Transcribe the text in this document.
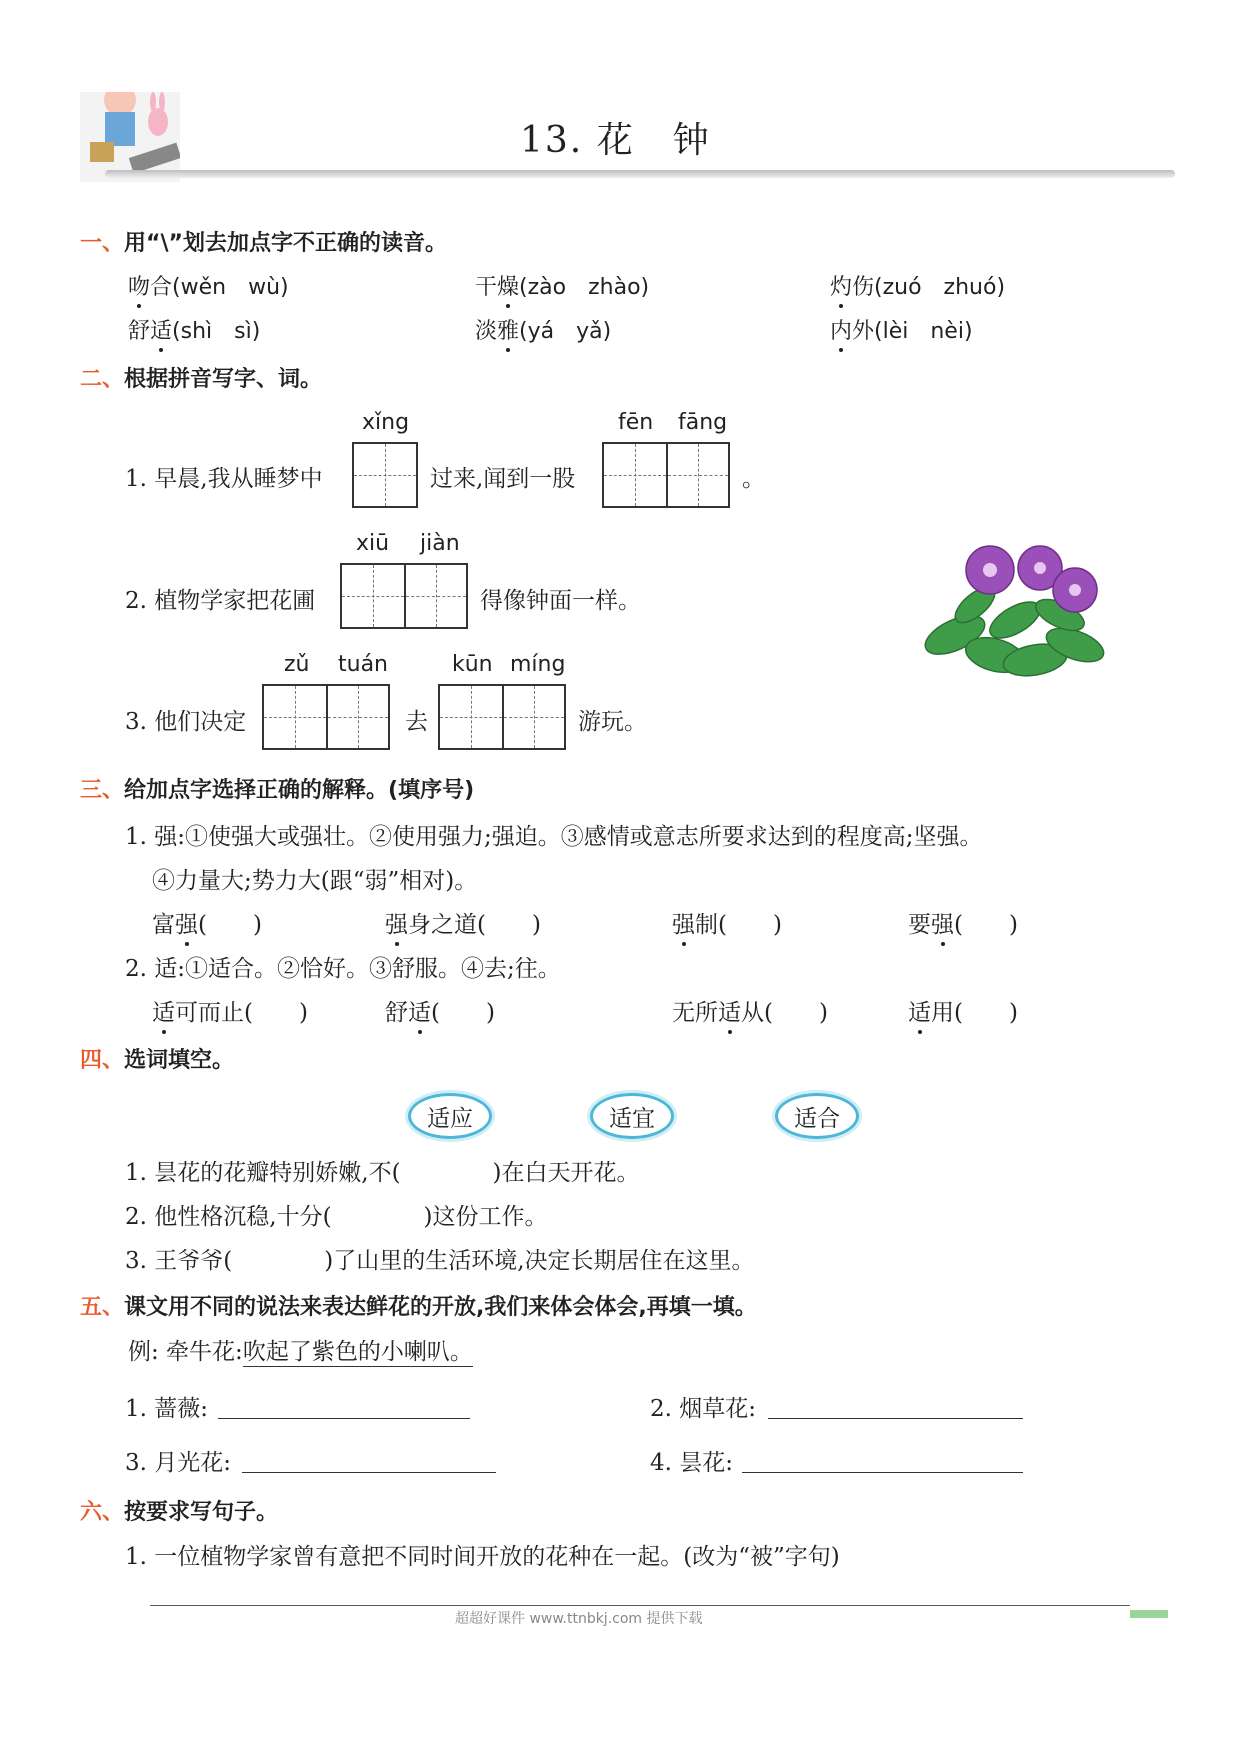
13. 花　钟
一、用“\”划去加点字不正确的读音。
吻合(wěn　wù)	干燥(zào　zhào)	灼伤(zuó　zhuó)
舒适(shì　sì)	淡雅(yá　yǎ)	内外(lèi　nèi)
二、根据拼音写字、词。
xǐng	fēn fāng
1. 早晨,我从睡梦中	过来,闻到一股	。
xiū jiàn
2. 植物学家把花圃	得像钟面一样。
zǔ tuán	kūn míng
3. 他们决定	去	游玩。
三、给加点字选择正确的解释。(填序号)
1. 强:①使强大或强壮。②使用强力;强迫。③感情或意志所要求达到的程度高;坚强。
④力量大;势力大(跟“弱”相对)。
富强(　　)	强身之道(　　)	强制(　　)	要强(　　)
2. 适:①适合。②恰好。③舒服。④去;往。
适可而止(　　)	舒适(　　)	无所适从(　　)	适用(　　)
四、选词填空。
适应	适宜	适合
1. 昙花的花瓣特别娇嫩,不(　　　　)在白天开花。
2. 他性格沉稳,十分(　　　　)这份工作。
3. 王爷爷(　　　　)了山里的生活环境,决定长期居住在这里。
五、课文用不同的说法来表达鲜花的开放,我们来体会体会,再填一填。
例: 牵牛花:吹起了紫色的小喇叭。
1. 蔷薇:	2. 烟草花:
3. 月光花:	4. 昙花:
六、按要求写句子。
1. 一位植物学家曾有意把不同时间开放的花种在一起。(改为“被”字句)
超超好课件 www.ttnbkj.com 提供下载
